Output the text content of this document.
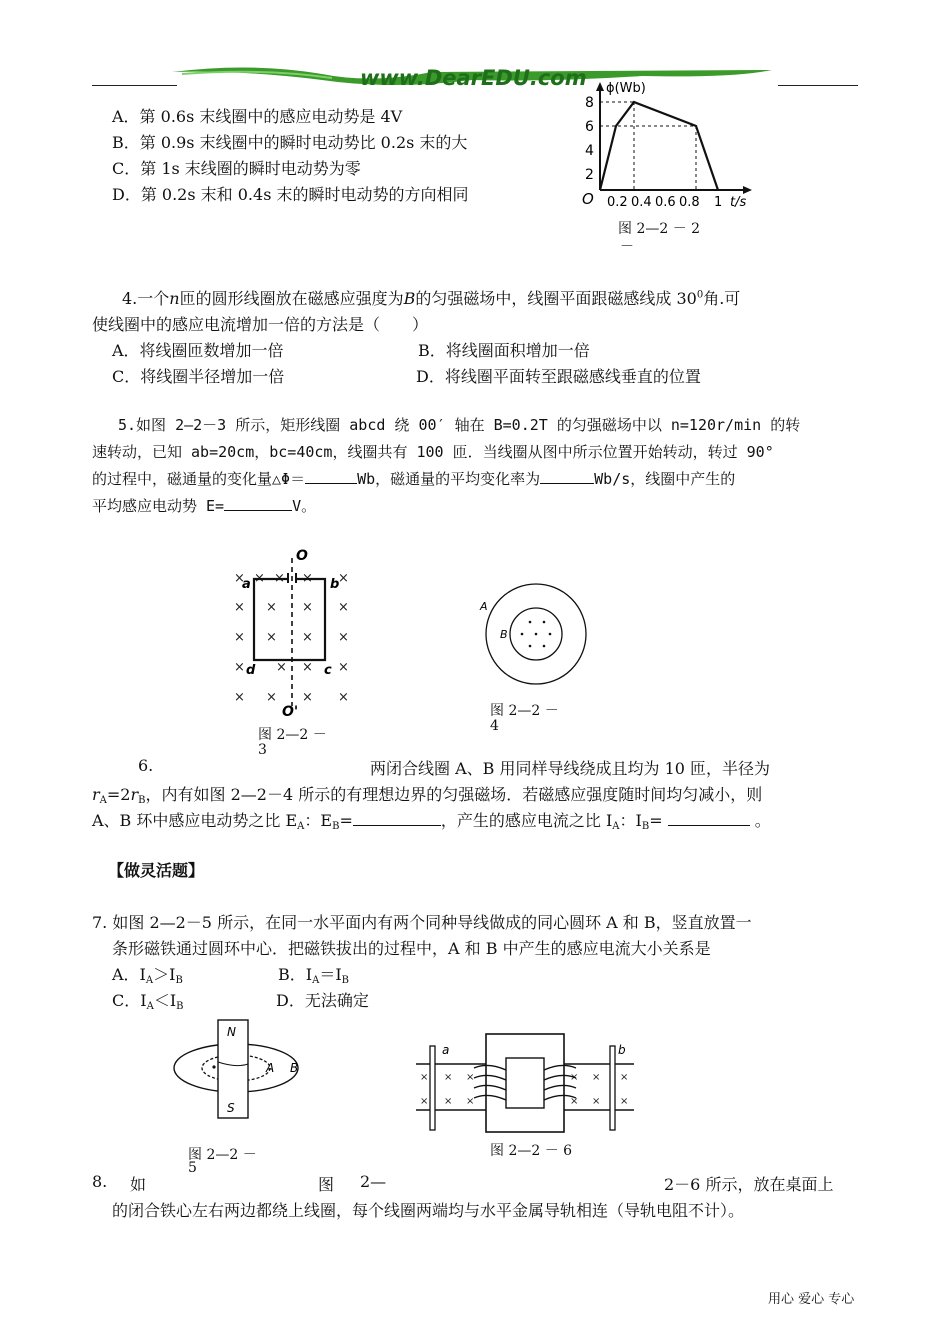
www.DearEDU.com
A．第 0.6s 末线圈中的感应电动势是 4V
B．第 0.9s 末线圈中的瞬时电动势比 0.2s 末的大
C．第 1s 末线圈的瞬时电动势为零
D．第 0.2s 末和 0.4s 末的瞬时电动势的方向相同
ϕ(Wb)
t/s
O
8
6
4
2
0.2 0.4 0.6 0.8 1
图 2—2 － 2
－
4.一个n匝的圆形线圈放在磁感应强度为B的匀强磁场中，线圈平面跟磁感线成 $30^0$角.可
使线圈中的感应电流增加一倍的方法是（　　）
A．将线圈匝数增加一倍	B．将线圈面积增加一倍
C．将线圈半径增加一倍	D．将线圈平面转至跟磁感线垂直的位置
5.如图 2—2－3 所示，矩形线圈 abcd 绕 00′ 轴在 B=0.2T 的匀强磁场中以 n=120r/min 的转
速转动，已知 ab=20cm，bc=40cm，线圈共有 100 匝．当线圈从图中所示位置开始转动，转过 90°
的过程中，磁通量的变化量△Φ＝	Wb，磁通量的平均变化率为	Wb/s，线圈中产生的
平均感应电动势 E=	V。
× × × × ×
× × × ×
× × × ×
× × × ×
× × × ×
O
O'
a	b
c
d
图 2—2 －
3
A
B
图 2—2 －
4
6.	两闭合线圈 A、B 用同样导线绕成且均为 10 匝，半径为
$r_A=2r_B$，内有如图 2—2－4 所示的有理想边界的匀强磁场．若磁感应强度随时间均匀减小，则
A、B 环中感应电动势之比 $E_A$：$E_B=$	，产生的感应电流之比 $I_A$：$I_B=$	。
【做灵活题】
7. 如图 2—2－5 所示，在同一水平面内有两个同种导线做成的同心圆环 A 和 B，竖直放置一
条形磁铁通过圆环中心．把磁铁拔出的过程中，A 和 B 中产生的感应电流大小关系是
A．$I_A>I_B$	B．$I_A=I_B$
C．$I_A<I_B$	D．无法确定
N
S
A B
图 2—2 －
5
× × ×
× × ×
× × ×
× × ×
a	b
图 2—2 － 6
8. 如	图 2—	2－6 所示，放在桌面上
的闭合铁心左右两边都绕上线圈，每个线圈两端均与水平金属导轨相连（导轨电阻不计）。
用心 爱心 专心
